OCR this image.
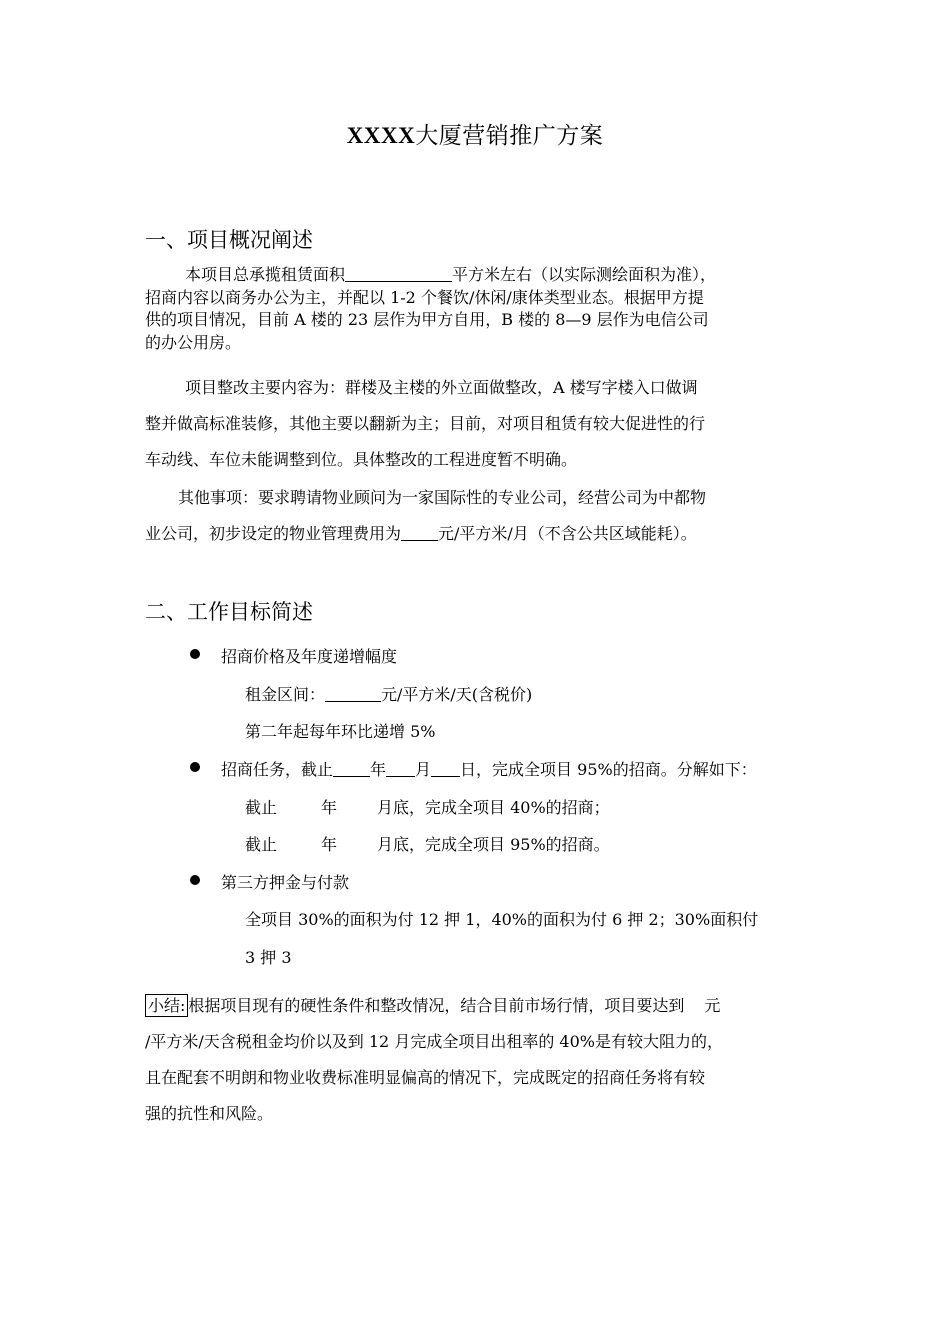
XXXX大厦营销推广方案
一、项目概况阐述
本项目总承揽租赁面积	平方米左右（以实际测绘面积为准），
招商内容以商务办公为主，并配以 1-2 个餐饮/休闲/康体类型业态。根据甲方提
供的项目情况，目前 A 楼的 23 层作为甲方自用，B 楼的 8—9 层作为电信公司
的办公用房。
项目整改主要内容为：群楼及主楼的外立面做整改，A 楼写字楼入口做调
整并做高标准装修，其他主要以翻新为主；目前，对项目租赁有较大促进性的行
车动线、车位未能调整到位。具体整改的工程进度暂不明确。
其他事项：要求聘请物业顾问为一家国际性的专业公司，经营公司为中都物
业公司，初步设定的物业管理费用为 元/平方米/月（不含公共区域能耗）。
二、工作目标简述
招商价格及年度递增幅度
租金区间：	元/平方米/天(含税价)
第二年起每年环比递增 5%
招商任务，截止 年 月 日，完成全项目 95%的招商。分解如下：
截止	年	月底，完成全项目 40%的招商；
截止	年	月底，完成全项目 95%的招商。
第三方押金与付款
全项目 30%的面积为付 12 押 1，40%的面积为付 6 押 2；30%面积付
3 押 3
小结: 根据项目现有的硬性条件和整改情况，结合目前市场行情，项目要达到 元
/平方米/天含税租金均价以及到 12 月完成全项目出租率的 40%是有较大阻力的，
且在配套不明朗和物业收费标准明显偏高的情况下，完成既定的招商任务将有较
强的抗性和风险。
